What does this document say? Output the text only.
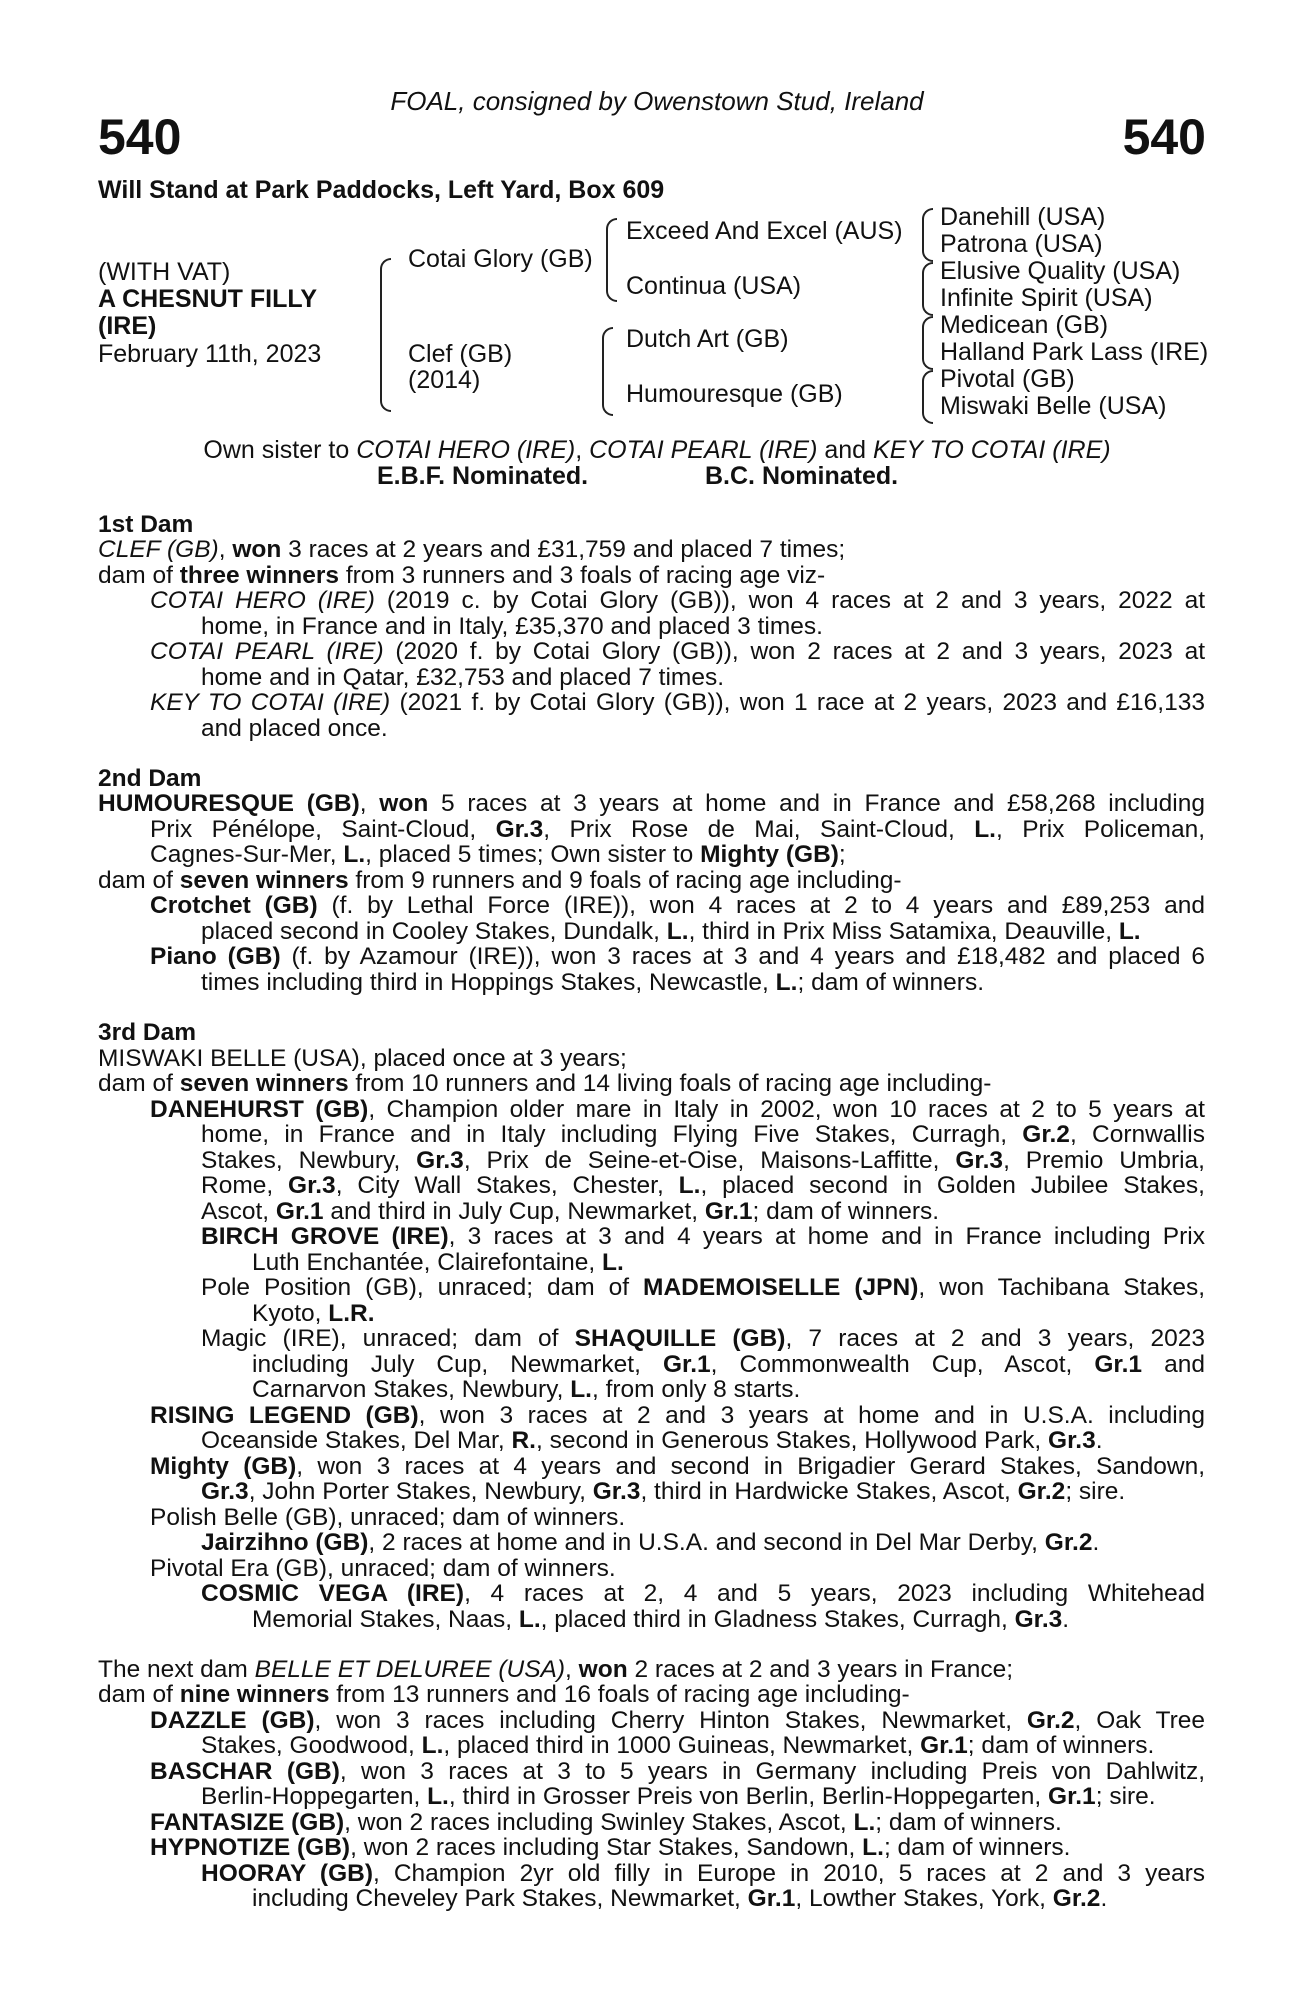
540	540
FOAL, consigned by Owenstown Stud, Ireland
Will Stand at Park Paddocks, Left Yard, Box 609
(WITH VAT)
A CHESNUT FILLY
(IRE)
February 11th, 2023
Cotai Glory (GB)
Clef (GB)
(2014)
Exceed And Excel (AUS)
Continua (USA)
Dutch Art (GB)
Humouresque (GB)
Danehill (USA)
Patrona (USA)
Elusive Quality (USA)
Infinite Spirit (USA)
Medicean (GB)
Halland Park Lass (IRE)
Pivotal (GB)
Miswaki Belle (USA)
Own sister to COTAI HERO (IRE), COTAI PEARL (IRE) and KEY TO COTAI (IRE)
E.B.F. Nominated.	B.C. Nominated.
1st Dam
CLEF (GB), won 3 races at 2 years and £31,759 and placed 7 times;
dam of three winners from 3 runners and 3 foals of racing age viz-
COTAI HERO (IRE) (2019 c. by Cotai Glory (GB)), won 4 races at 2 and 3 years, 2022 at
home, in France and in Italy, £35,370 and placed 3 times.
COTAI PEARL (IRE) (2020 f. by Cotai Glory (GB)), won 2 races at 2 and 3 years, 2023 at
home and in Qatar, £32,753 and placed 7 times.
KEY TO COTAI (IRE) (2021 f. by Cotai Glory (GB)), won 1 race at 2 years, 2023 and £16,133
and placed once.
2nd Dam
HUMOURESQUE (GB), won 5 races at 3 years at home and in France and £58,268 including
Prix Pénélope, Saint-Cloud, Gr.3, Prix Rose de Mai, Saint-Cloud, L., Prix Policeman,
Cagnes-Sur-Mer, L., placed 5 times; Own sister to Mighty (GB);
dam of seven winners from 9 runners and 9 foals of racing age including-
Crotchet (GB) (f. by Lethal Force (IRE)), won 4 races at 2 to 4 years and £89,253 and
placed second in Cooley Stakes, Dundalk, L., third in Prix Miss Satamixa, Deauville, L.
Piano (GB) (f. by Azamour (IRE)), won 3 races at 3 and 4 years and £18,482 and placed 6
times including third in Hoppings Stakes, Newcastle, L.; dam of winners.
3rd Dam
MISWAKI BELLE (USA), placed once at 3 years;
dam of seven winners from 10 runners and 14 living foals of racing age including-
DANEHURST (GB), Champion older mare in Italy in 2002, won 10 races at 2 to 5 years at
home, in France and in Italy including Flying Five Stakes, Curragh, Gr.2, Cornwallis
Stakes, Newbury, Gr.3, Prix de Seine-et-Oise, Maisons-Laffitte, Gr.3, Premio Umbria,
Rome, Gr.3, City Wall Stakes, Chester, L., placed second in Golden Jubilee Stakes,
Ascot, Gr.1 and third in July Cup, Newmarket, Gr.1; dam of winners.
BIRCH GROVE (IRE), 3 races at 3 and 4 years at home and in France including Prix
Luth Enchantée, Clairefontaine, L.
Pole Position (GB), unraced; dam of MADEMOISELLE (JPN), won Tachibana Stakes,
Kyoto, L.R.
Magic (IRE), unraced; dam of SHAQUILLE (GB), 7 races at 2 and 3 years, 2023
including July Cup, Newmarket, Gr.1, Commonwealth Cup, Ascot, Gr.1 and
Carnarvon Stakes, Newbury, L., from only 8 starts.
RISING LEGEND (GB), won 3 races at 2 and 3 years at home and in U.S.A. including
Oceanside Stakes, Del Mar, R., second in Generous Stakes, Hollywood Park, Gr.3.
Mighty (GB), won 3 races at 4 years and second in Brigadier Gerard Stakes, Sandown,
Gr.3, John Porter Stakes, Newbury, Gr.3, third in Hardwicke Stakes, Ascot, Gr.2; sire.
Polish Belle (GB), unraced; dam of winners.
Jairzihno (GB), 2 races at home and in U.S.A. and second in Del Mar Derby, Gr.2.
Pivotal Era (GB), unraced; dam of winners.
COSMIC VEGA (IRE), 4 races at 2, 4 and 5 years, 2023 including Whitehead
Memorial Stakes, Naas, L., placed third in Gladness Stakes, Curragh, Gr.3.
The next dam BELLE ET DELUREE (USA), won 2 races at 2 and 3 years in France;
dam of nine winners from 13 runners and 16 foals of racing age including-
DAZZLE (GB), won 3 races including Cherry Hinton Stakes, Newmarket, Gr.2, Oak Tree
Stakes, Goodwood, L., placed third in 1000 Guineas, Newmarket, Gr.1; dam of winners.
BASCHAR (GB), won 3 races at 3 to 5 years in Germany including Preis von Dahlwitz,
Berlin-Hoppegarten, L., third in Grosser Preis von Berlin, Berlin-Hoppegarten, Gr.1; sire.
FANTASIZE (GB), won 2 races including Swinley Stakes, Ascot, L.; dam of winners.
HYPNOTIZE (GB), won 2 races including Star Stakes, Sandown, L.; dam of winners.
HOORAY (GB), Champion 2yr old filly in Europe in 2010, 5 races at 2 and 3 years
including Cheveley Park Stakes, Newmarket, Gr.1, Lowther Stakes, York, Gr.2.
